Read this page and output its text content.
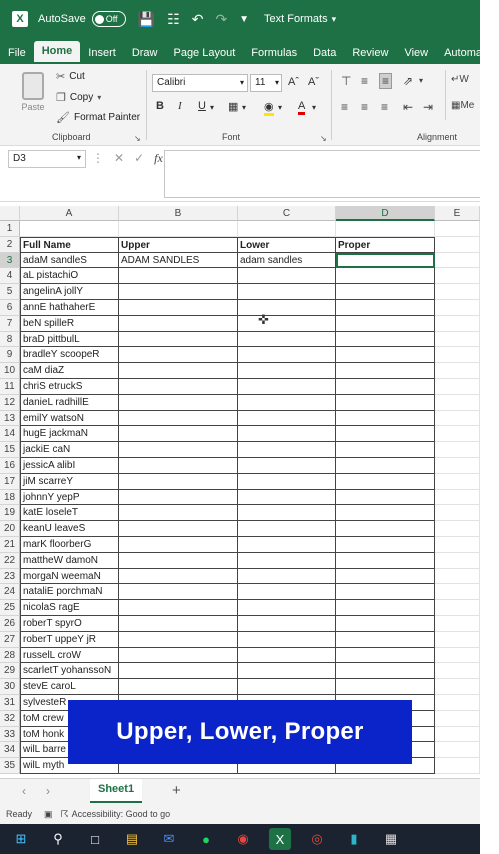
X	AutoSave Off 💾 ☷ ↶ ↷ ▼ Text Formats ▾
File	Home	Insert	Draw	Page Layout	Formulas	Data	Review	View	Automate
Paste
✂ Cut
❐ Copy ▾
🖌 Format Painter
Clipboard	↘
Calibri	▾	11 ▾ Aˆ Aˇ
B I U ▾ ▦ ▾ ◉ ▾ A ▾
Font	↘
⊤ ≡ ≡ ⇗ ▾
≡ ≡ ≡ ⇤ ⇥
↵W
▦Me
Alignment
D3	▾ ⋮ ✕ ✓ fx
A	B	C	D	E
1
2	Full Name	Upper	Lower	Proper
3	adaM sandleS	ADAM SANDLES	adam sandles
4	aL pistachiO
5	angelinA jollY
6	annE hathaherE
7	beN spilleR
8	braD pittbulL
9	bradleY scoopeR
10 caM diaZ
11 chriS etruckS
12 danieL radhillE
13 emilY watsoN
14 hugE jackmaN
15 jackiE caN
16 jessicA alibI
17 jiM scarreY
18 johnnY yepP
19 katE loseleT
20 keanU leaveS
21 marK floorberG
22 mattheW damoN
23 morgaN weemaN
24 nataliE porchmaN
25 nicolaS ragE
26 roberT spyrO
27 roberT uppeY jR
28 russelL croW
29 scarletT yohanssoN
30 stevE caroL
31 sylvesteR
32 toM crew
33 toM honk
34 wilL barre
35 wilL myth
✜
Upper, Lower, Proper
‹ ›	Sheet1	+
Ready ▣ ☈ Accessibility: Good to go
⊞	⚲	□	▤	✉	●	◉	X	◎	▮	▦
